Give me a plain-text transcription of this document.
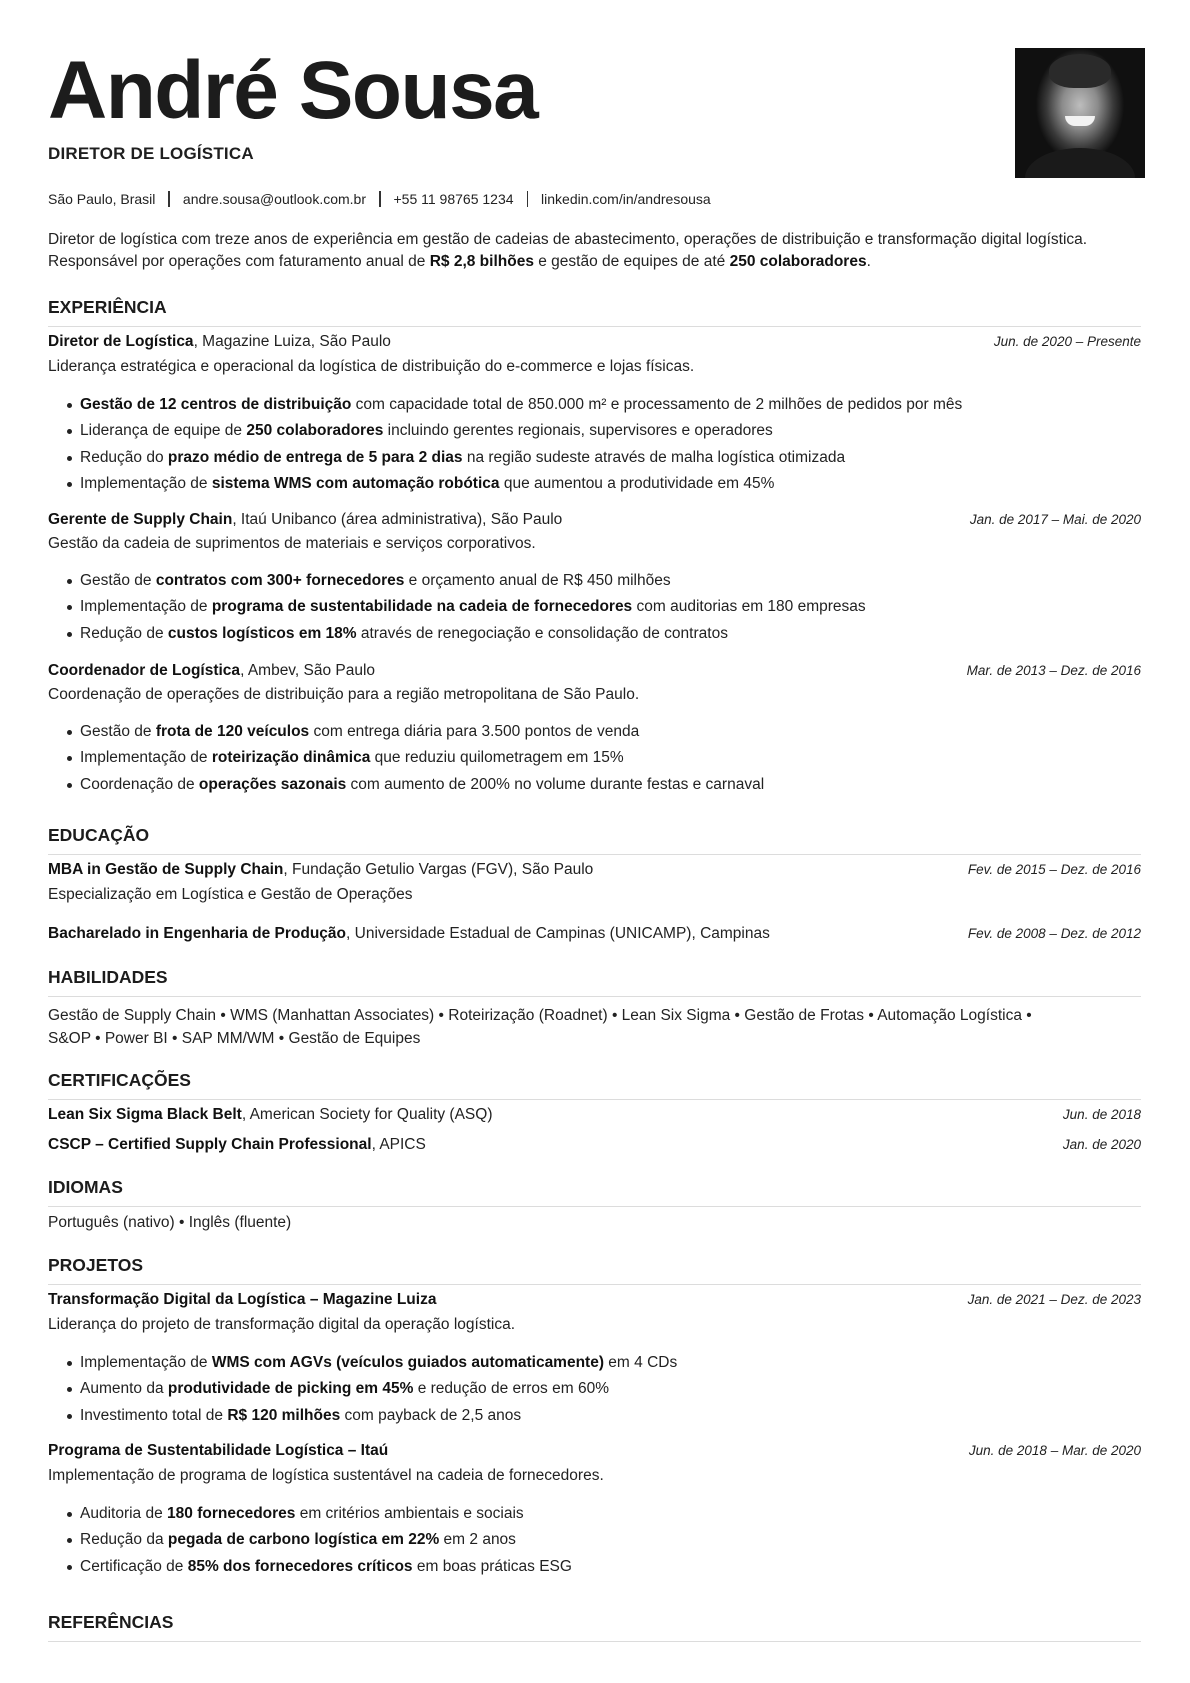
André Sousa
DIRETOR DE LOGÍSTICA
São Paulo, Brasil andre.sousa@outlook.com.br +55 11 98765 1234 linkedin.com/in/andresousa
Diretor de logística com treze anos de experiência em gestão de cadeias de abastecimento, operações de distribuição e transformação digital logística. Responsável por operações com faturamento anual de R$ 2,8 bilhões e gestão de equipes de até 250 colaboradores.
EXPERIÊNCIA
Diretor de Logística, Magazine Luiza, São Paulo	Jun. de 2020 – Presente
Liderança estratégica e operacional da logística de distribuição do e-commerce e lojas físicas.
Gestão de 12 centros de distribuição com capacidade total de 850.000 m² e processamento de 2 milhões de pedidos por mês
Liderança de equipe de 250 colaboradores incluindo gerentes regionais, supervisores e operadores
Redução do prazo médio de entrega de 5 para 2 dias na região sudeste através de malha logística otimizada
Implementação de sistema WMS com automação robótica que aumentou a produtividade em 45%
Gerente de Supply Chain, Itaú Unibanco (área administrativa), São Paulo	Jan. de 2017 – Mai. de 2020
Gestão da cadeia de suprimentos de materiais e serviços corporativos.
Gestão de contratos com 300+ fornecedores e orçamento anual de R$ 450 milhões
Implementação de programa de sustentabilidade na cadeia de fornecedores com auditorias em 180 empresas
Redução de custos logísticos em 18% através de renegociação e consolidação de contratos
Coordenador de Logística, Ambev, São Paulo	Mar. de 2013 – Dez. de 2016
Coordenação de operações de distribuição para a região metropolitana de São Paulo.
Gestão de frota de 120 veículos com entrega diária para 3.500 pontos de venda
Implementação de roteirização dinâmica que reduziu quilometragem em 15%
Coordenação de operações sazonais com aumento de 200% no volume durante festas e carnaval
EDUCAÇÃO
MBA in Gestão de Supply Chain, Fundação Getulio Vargas (FGV), São Paulo	Fev. de 2015 – Dez. de 2016
Especialização em Logística e Gestão de Operações
Bacharelado in Engenharia de Produção, Universidade Estadual de Campinas (UNICAMP), Campinas	Fev. de 2008 – Dez. de 2012
HABILIDADES
Gestão de Supply Chain • WMS (Manhattan Associates) • Roteirização (Roadnet) • Lean Six Sigma • Gestão de Frotas • Automação Logística •
S&OP • Power BI • SAP MM/WM • Gestão de Equipes
CERTIFICAÇÕES
Lean Six Sigma Black Belt, American Society for Quality (ASQ)	Jun. de 2018
CSCP – Certified Supply Chain Professional, APICS	Jan. de 2020
IDIOMAS
Português (nativo) • Inglês (fluente)
PROJETOS
Transformação Digital da Logística – Magazine Luiza	Jan. de 2021 – Dez. de 2023
Liderança do projeto de transformação digital da operação logística.
Implementação de WMS com AGVs (veículos guiados automaticamente) em 4 CDs
Aumento da produtividade de picking em 45% e redução de erros em 60%
Investimento total de R$ 120 milhões com payback de 2,5 anos
Programa de Sustentabilidade Logística – Itaú	Jun. de 2018 – Mar. de 2020
Implementação de programa de logística sustentável na cadeia de fornecedores.
Auditoria de 180 fornecedores em critérios ambientais e sociais
Redução da pegada de carbono logística em 22% em 2 anos
Certificação de 85% dos fornecedores críticos em boas práticas ESG
REFERÊNCIAS
